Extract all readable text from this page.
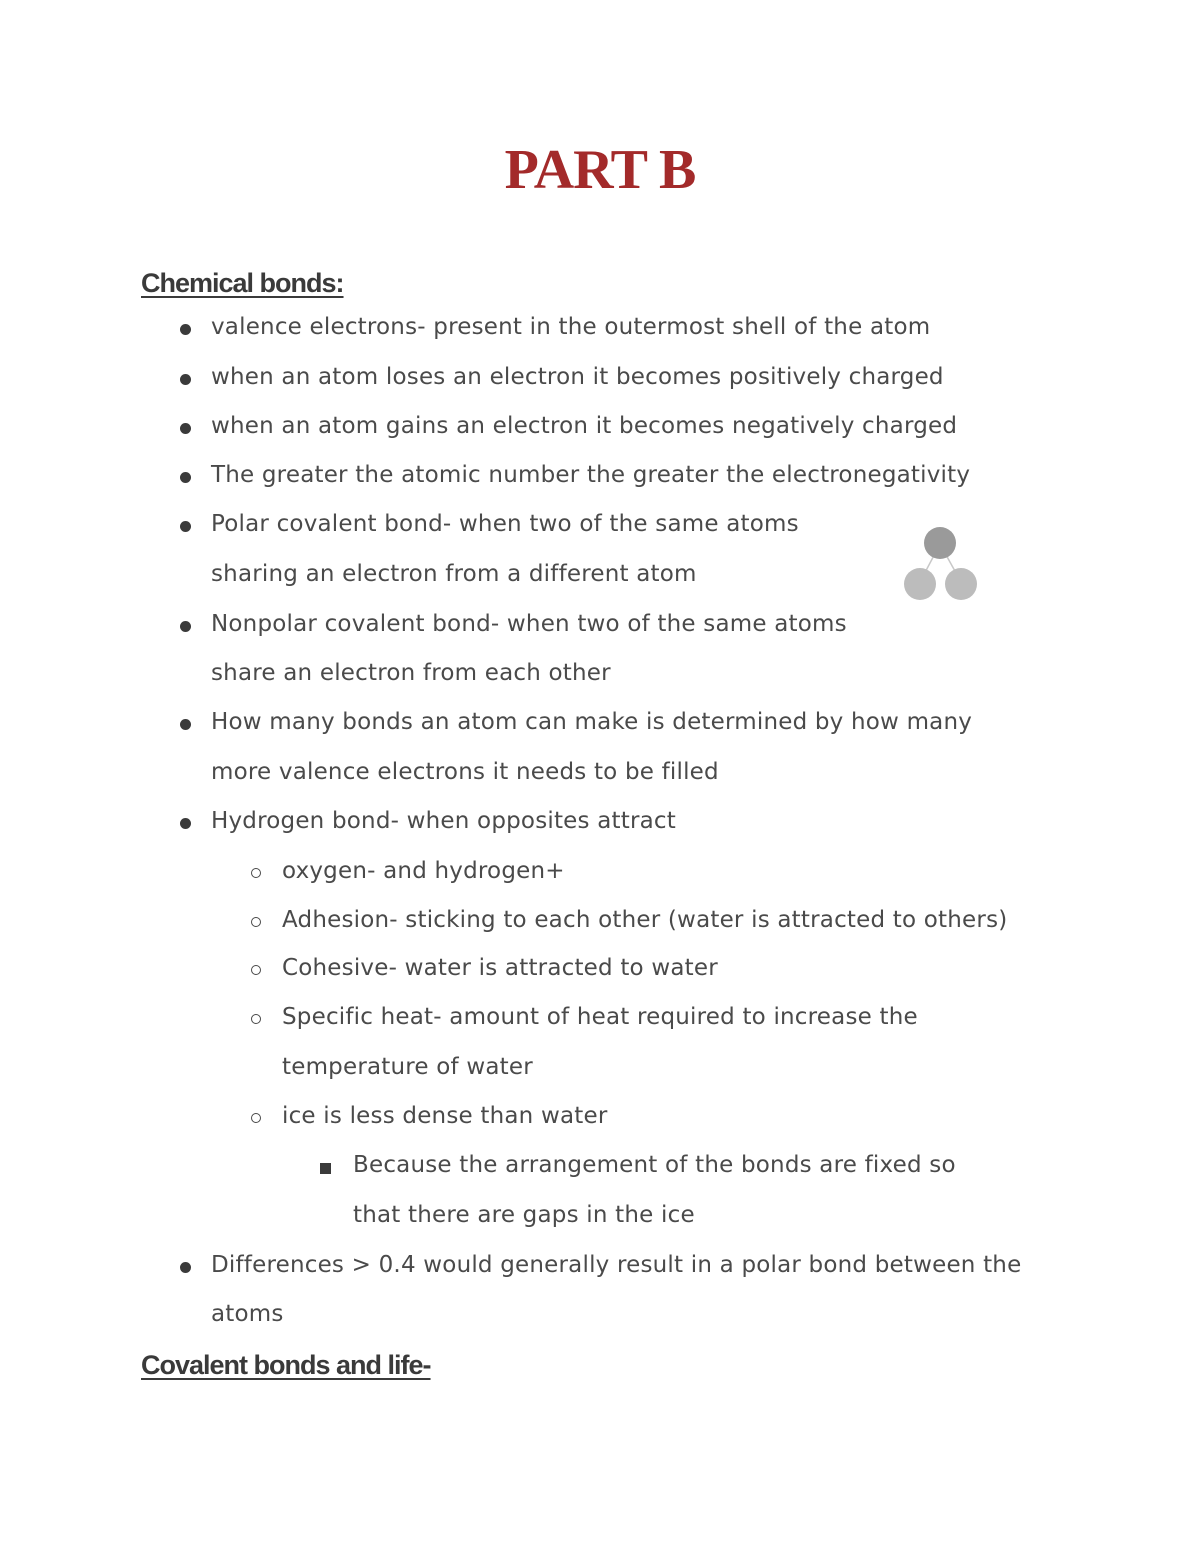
PART B
Chemical bonds:
valence electrons- present in the outermost shell of the atom
when an atom loses an electron it becomes positively charged
when an atom gains an electron it becomes negatively charged
The greater the atomic number the greater the electronegativity
Polar covalent bond- when two of the same atoms
sharing an electron from a different atom
Nonpolar covalent bond- when two of the same atoms
share an electron from each other
How many bonds an atom can make is determined by how many
more valence electrons it needs to be filled
Hydrogen bond- when opposites attract
oxygen- and hydrogen+
Adhesion- sticking to each other (water is attracted to others)
Cohesive- water is attracted to water
Specific heat- amount of heat required to increase the
temperature of water
ice is less dense than water
Because the arrangement of the bonds are fixed so
that there are gaps in the ice
Differences > 0.4 would generally result in a polar bond between the
atoms
Covalent bonds and life-
